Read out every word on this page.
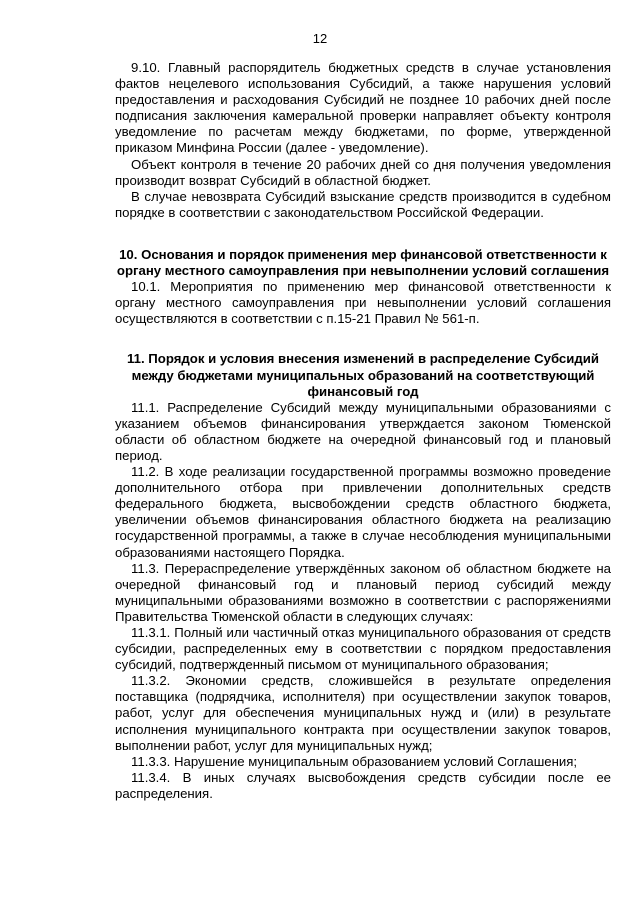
12

9.10. Главный распорядитель бюджетных средств в случае установления фактов нецелевого использования Субсидий, а также нарушения условий предоставления и расходования Субсидий не позднее 10 рабочих дней после подписания заключения камеральной проверки направляет объекту контроля уведомление по расчетам между бюджетами, по форме, утвержденной приказом Минфина России (далее - уведомление).

Объект контроля в течение 20 рабочих дней со дня получения уведомления производит возврат Субсидий в областной бюджет.

В случае невозврата Субсидий взыскание средств производится в судебном порядке в соответствии с законодательством Российской Федерации.

10. Основания и порядок применения мер финансовой ответственности к органу местного самоуправления при невыполнении условий соглашения

10.1. Мероприятия по применению мер финансовой ответственности к органу местного самоуправления при невыполнении условий соглашения осуществляются в соответствии с п.15-21 Правил № 561-п.

11. Порядок и условия внесения изменений в распределение Субсидий между бюджетами муниципальных образований на соответствующий финансовый год

11.1. Распределение Субсидий между муниципальными образованиями с указанием объемов финансирования утверждается законом Тюменской области об областном бюджете на очередной финансовый год и плановый период.

11.2. В ходе реализации государственной программы возможно проведение дополнительного отбора при привлечении дополнительных средств федерального бюджета, высвобождении средств областного бюджета, увеличении объемов финансирования областного бюджета на реализацию государственной программы, а также в случае несоблюдения муниципальными образованиями настоящего Порядка.

11.3. Перераспределение утверждённых законом об областном бюджете на очередной финансовый год и плановый период субсидий между муниципальными образованиями возможно в соответствии с распоряжениями Правительства Тюменской области в следующих случаях:

11.3.1. Полный или частичный отказ муниципального образования от средств субсидии, распределенных ему в соответствии с порядком предоставления субсидий, подтвержденный письмом от муниципального образования;

11.3.2. Экономии средств, сложившейся в результате определения поставщика (подрядчика, исполнителя) при осуществлении закупок товаров, работ, услуг для обеспечения муниципальных нужд и (или) в результате исполнения муниципального контракта при осуществлении закупок товаров, выполнении работ, услуг для муниципальных нужд;

11.3.3. Нарушение муниципальным образованием условий Соглашения;

11.3.4. В иных случаях высвобождения средств субсидии после ее распределения.
